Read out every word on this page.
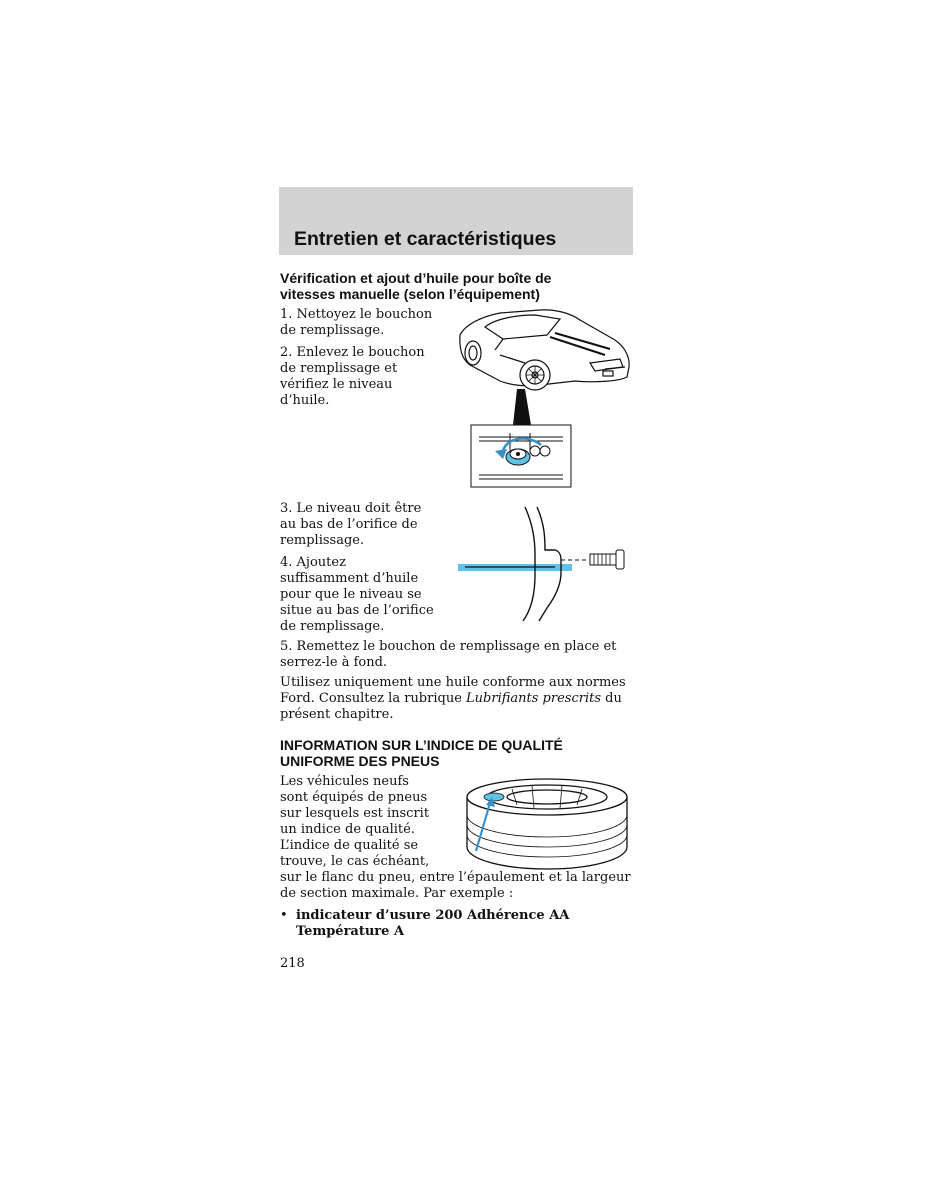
Entretien et caractéristiques
Vérification et ajout d’huile pour boîte de
vitesses manuelle (selon l’équipement)
1. Nettoyez le bouchon
de remplissage.
2. Enlevez le bouchon
de remplissage et
vérifiez le niveau
d’huile.
3. Le niveau doit être
au bas de l’orifice de
remplissage.
4. Ajoutez
suffisamment d’huile
pour que le niveau se
situe au bas de l’orifice
de remplissage.
5. Remettez le bouchon de remplissage en place et
serrez-le à fond.
Utilisez uniquement une huile conforme aux normes
Ford. Consultez la rubrique Lubrifiants prescrits du
présent chapitre.
INFORMATION SUR L’INDICE DE QUALITÉ
UNIFORME DES PNEUS
Les véhicules neufs
sont équipés de pneus
sur lesquels est inscrit
un indice de qualité.
L’indice de qualité se
trouve, le cas échéant,
sur le flanc du pneu, entre l’épaulement et la largeur
de section maximale. Par exemple :
• indicateur d’usure 200 Adhérence AA
Température A
218
